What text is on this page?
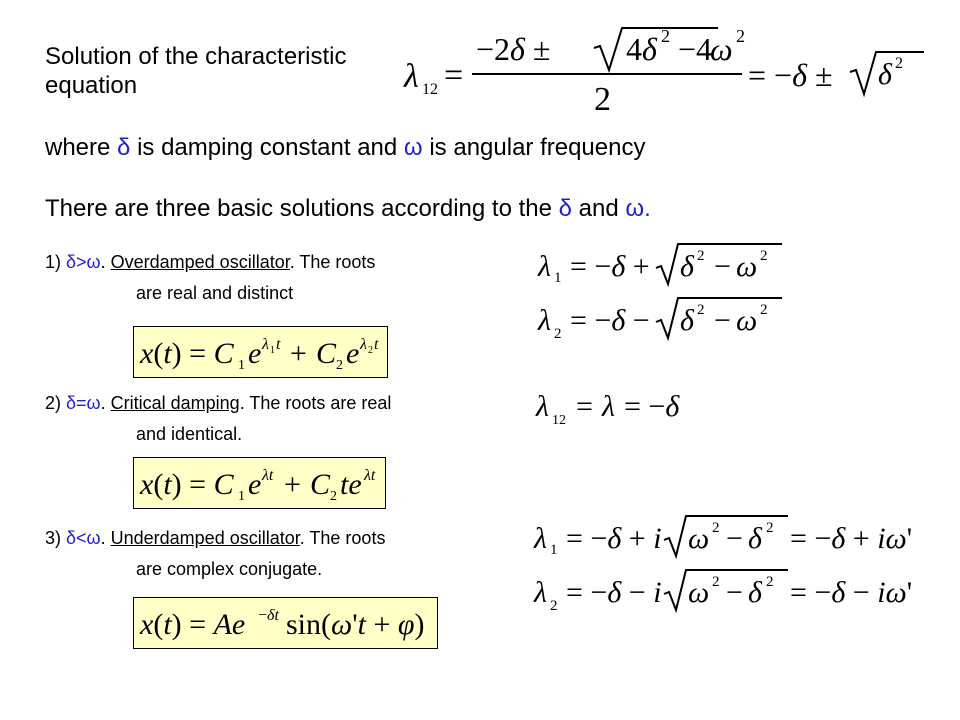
Solution of the characteristic
equation	λ 12 =
−2δ ± 4δ 2 −4
ω 2
2
= −δ ± δ 2
where δ is damping constant and ω is angular frequency
There are three basic solutions according to the δ and ω.
1) δ>ω. Overdamped oscillator. The roots
are real and distinct
λ 1 = −δ + δ 2 − ω 2
λ 2 = −δ − δ 2 − ω 2
x(t) = C 1 e λ 1 t + C 2 e λ 2 t
2) δ=ω. Critical damping. The roots are real
and identical.
λ 12 = λ = −δ
x(t) = C 1 e λt + C 2 te λt
3) δ<ω. Underdamped oscillator. The roots
are complex conjugate.
λ 1 = −δ + i ω 2 − δ 2 = −δ + iω'
λ 2 = −δ − i ω 2 − δ 2 = −δ − iω'
x(t) = Ae −δt sin(ω't + φ)
